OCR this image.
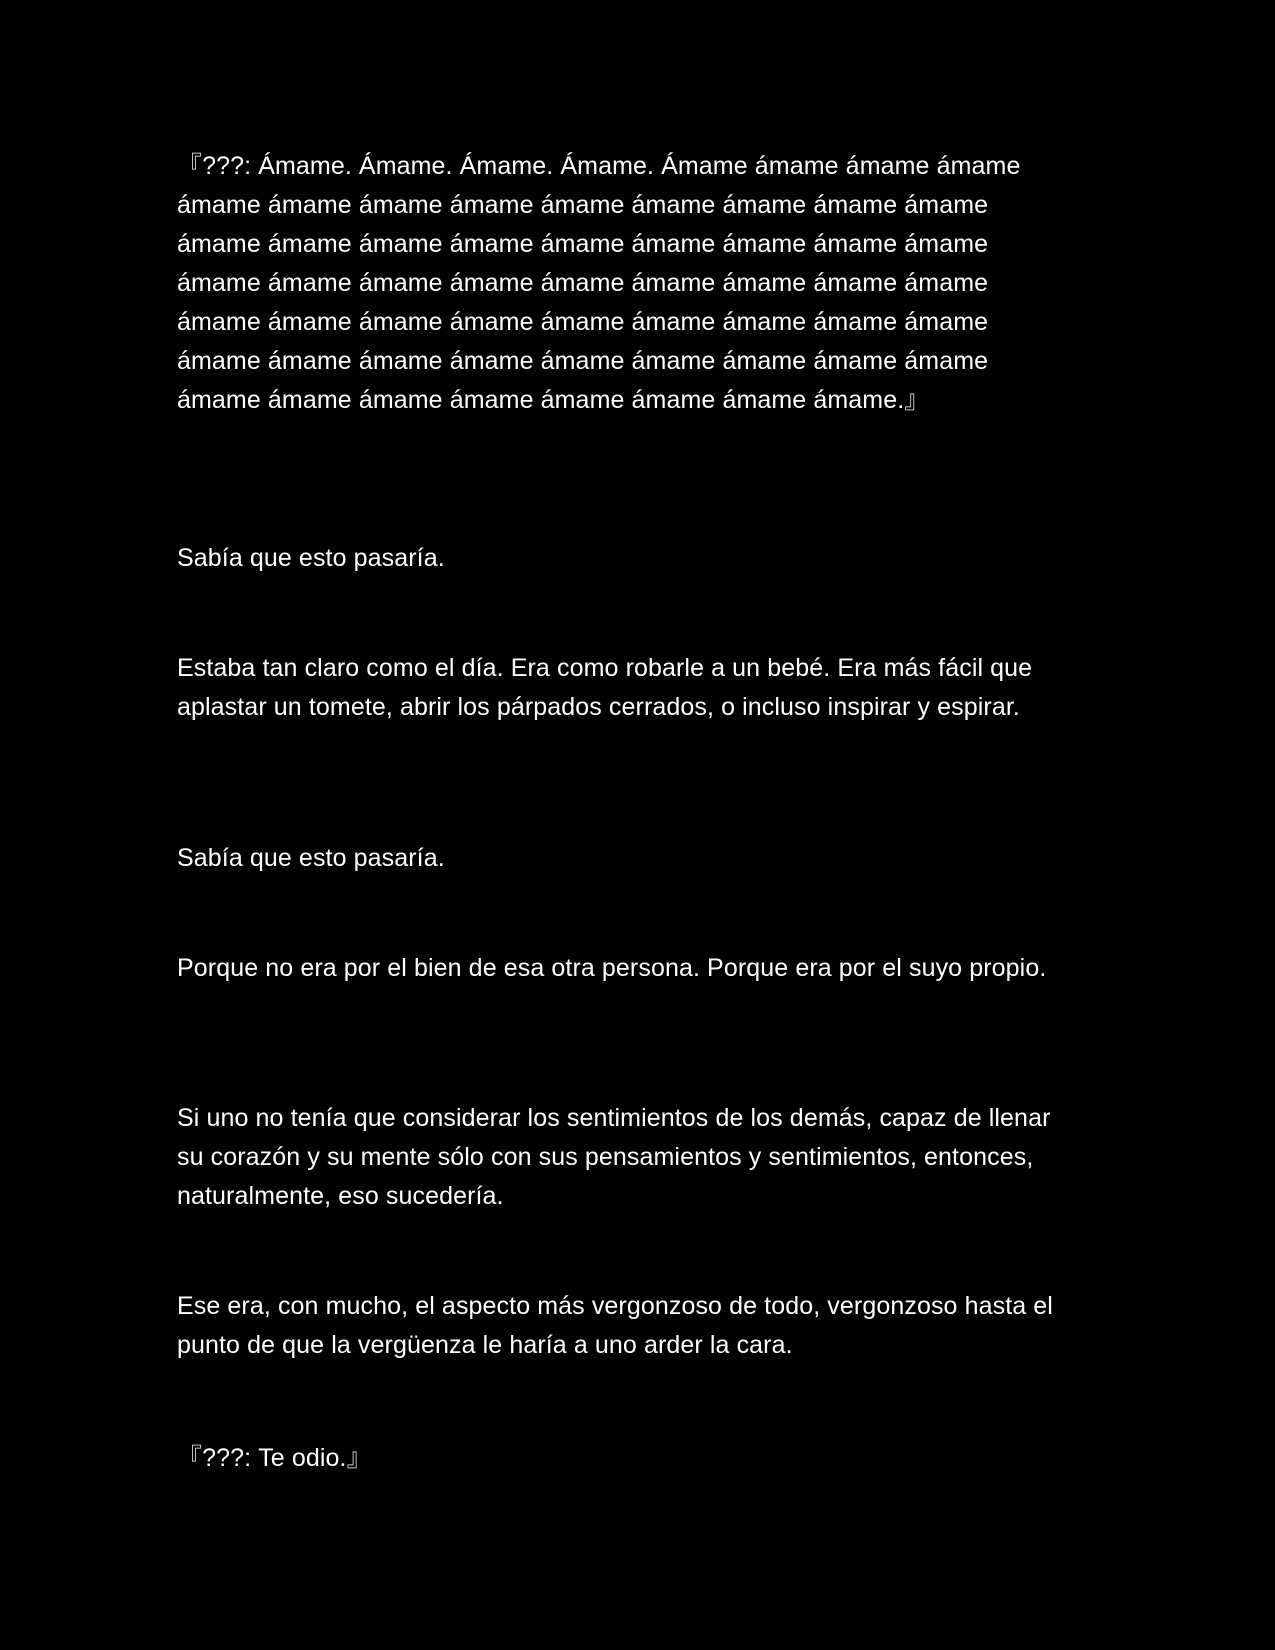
『???: Ámame. Ámame. Ámame. Ámame. Ámame ámame ámame ámame ámame ámame ámame ámame ámame ámame ámame ámame ámame ámame ámame ámame ámame ámame ámame ámame ámame ámame ámame ámame ámame ámame ámame ámame ámame ámame ámame ámame ámame ámame ámame ámame ámame ámame ámame ámame ámame ámame ámame ámame ámame ámame ámame ámame ámame ámame ámame ámame ámame ámame ámame ámame ámame.』

Sabía que esto pasaría.

Estaba tan claro como el día. Era como robarle a un bebé. Era más fácil que aplastar un tomete, abrir los párpados cerrados, o incluso inspirar y espirar.

Sabía que esto pasaría.

Porque no era por el bien de esa otra persona. Porque era por el suyo propio.

Si uno no tenía que considerar los sentimientos de los demás, capaz de llenar su corazón y su mente sólo con sus pensamientos y sentimientos, entonces, naturalmente, eso sucedería.

Ese era, con mucho, el aspecto más vergonzoso de todo, vergonzoso hasta el punto de que la vergüenza le haría a uno arder la cara.

『???: Te odio.』
